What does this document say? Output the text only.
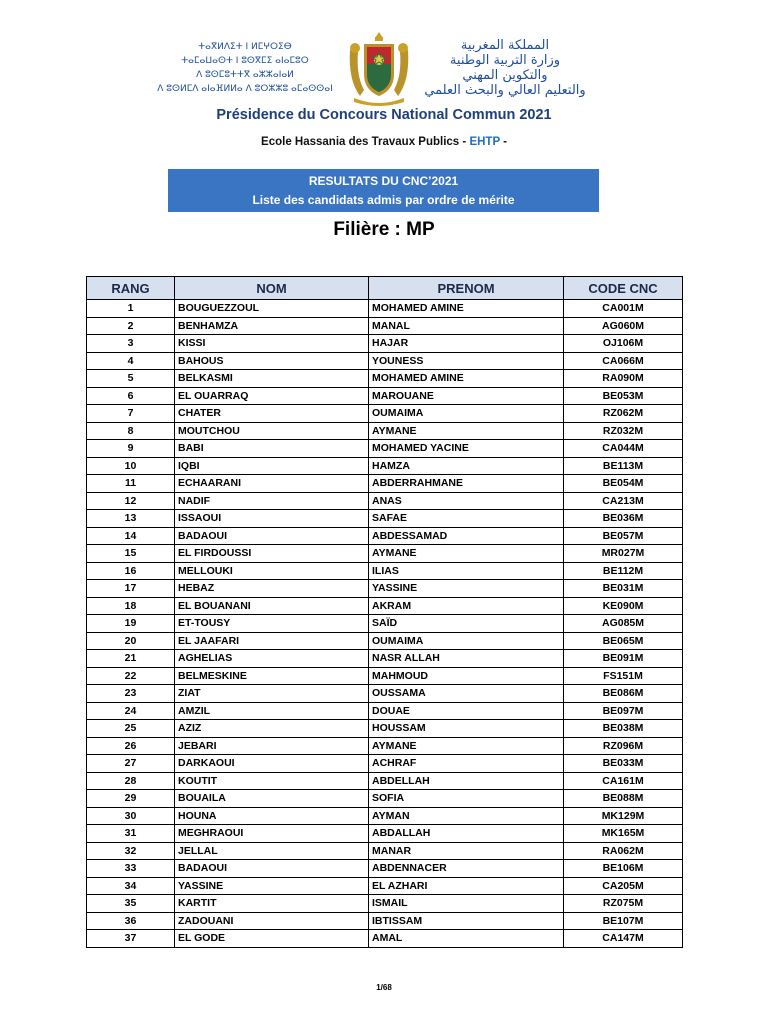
ⵜⴰⴳⵍⴷⵉⵜ ⵏ ⵍⵎⵖⵔⵉⴱ
ⵜⴰⵎⴰⵡⴰⵙⵜ ⵏ ⵓⵙⴳⵎⵉ ⴰⵏⴰⵎⵓⵔ
ⴷ ⵓⵙⵎⵓⵜⵜⴳ ⴰⵣⵣⴰⵏⴰⵍ
ⴷ ⵓⵙⵍⵎⴷ ⴰⵏⴰⴼⵍⵍⴰ ⴷ ⵓⵔⵣⵣⵓ ⴰⵎⴰⵙⵙⴰⵏ
المملكة المغربية
وزارة التربية الوطنية
والتكوين المهني
والتعليم العالي والبحث العلمي
Présidence du Concours National Commun 2021
Ecole Hassania des Travaux Publics - EHTP -
RESULTATS DU CNC’2021
Liste des candidats admis par ordre de mérite
Filière : MP
RANG	NOM	PRENOM	CODE CNC
1	BOUGUEZZOUL	MOHAMED AMINE	CA001M
2	BENHAMZA	MANAL	AG060M
3	KISSI	HAJAR	OJ106M
4	BAHOUS	YOUNESS	CA066M
5	BELKASMI	MOHAMED AMINE	RA090M
6	EL OUARRAQ	MAROUANE	BE053M
7	CHATER	OUMAIMA	RZ062M
8	MOUTCHOU	AYMANE	RZ032M
9	BABI	MOHAMED YACINE	CA044M
10	IQBI	HAMZA	BE113M
11	ECHAARANI	ABDERRAHMANE	BE054M
12	NADIF	ANAS	CA213M
13	ISSAOUI	SAFAE	BE036M
14	BADAOUI	ABDESSAMAD	BE057M
15	EL FIRDOUSSI	AYMANE	MR027M
16	MELLOUKI	ILIAS	BE112M
17	HEBAZ	YASSINE	BE031M
18	EL BOUANANI	AKRAM	KE090M
19	ET-TOUSY	SAÏD	AG085M
20	EL JAAFARI	OUMAIMA	BE065M
21	AGHELIAS	NASR ALLAH	BE091M
22	BELMESKINE	MAHMOUD	FS151M
23	ZIAT	OUSSAMA	BE086M
24	AMZIL	DOUAE	BE097M
25	AZIZ	HOUSSAM	BE038M
26	JEBARI	AYMANE	RZ096M
27	DARKAOUI	ACHRAF	BE033M
28	KOUTIT	ABDELLAH	CA161M
29	BOUAILA	SOFIA	BE088M
30	HOUNA	AYMAN	MK129M
31	MEGHRAOUI	ABDALLAH	MK165M
32	JELLAL	MANAR	RA062M
33	BADAOUI	ABDENNACER	BE106M
34	YASSINE	EL AZHARI	CA205M
35	KARTIT	ISMAIL	RZ075M
36	ZADOUANI	IBTISSAM	BE107M
37	EL GODE	AMAL	CA147M
1/68
